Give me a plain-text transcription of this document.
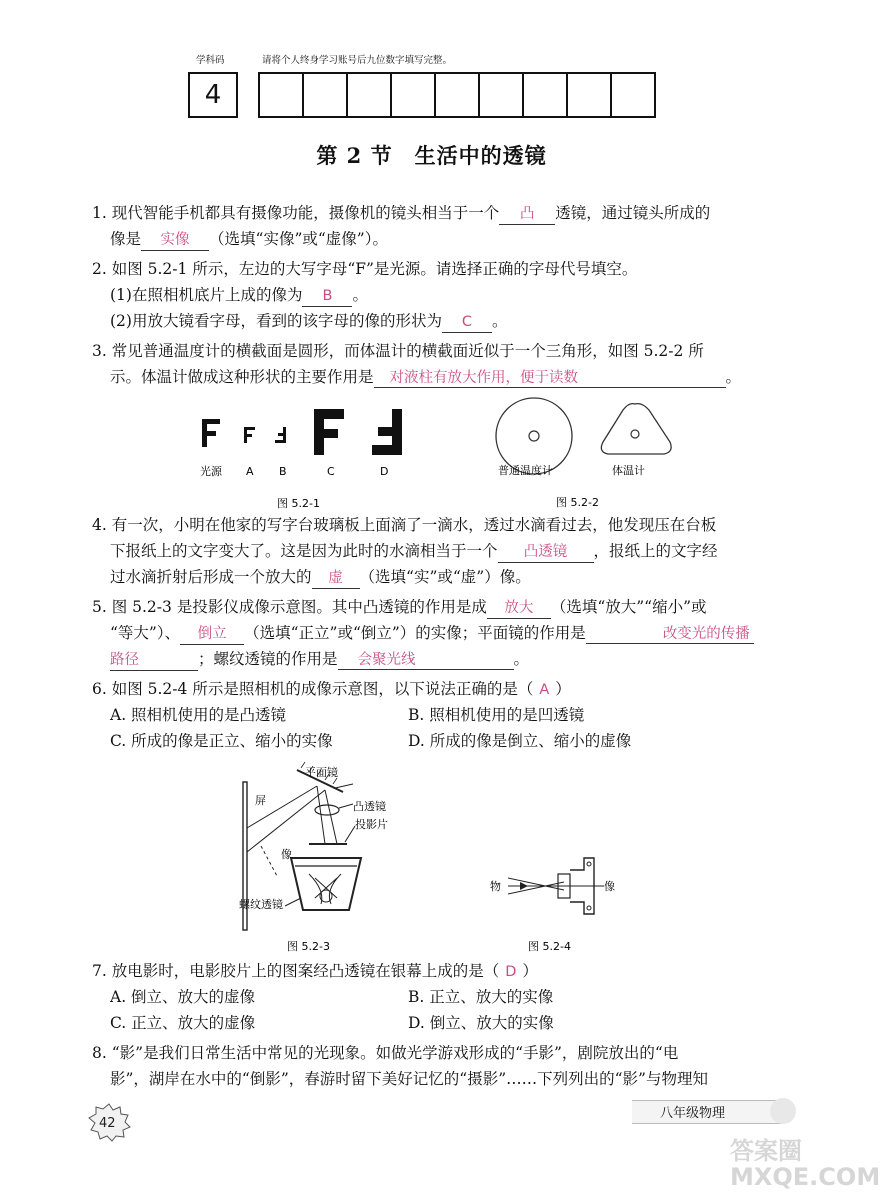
学科码	请将个人终身学习账号后九位数字填写完整。
4
第 2 节　生活中的透镜
1. 现代智能手机都具有摄像功能，摄像机的镜头相当于一个 凸 透镜，通过镜头所成的
像是 实像 （选填“实像”或“虚像”）。
2. 如图 5.2-1 所示，左边的大写字母“F”是光源。请选择正确的字母代号填空。
(1)在照相机底片上成的像为 B 。
(2)用放大镜看字母，看到的该字母的像的形状为 C 。
3. 常见普通温度计的横截面是圆形，而体温计的横截面近似于一个三角形，如图 5.2-2 所
示。体温计做成这种形状的主要作用是 对液柱有放大作用，便于读数	。
光源 A B	C	D
图 5.2-1
普通温度计	体温计
图 5.2-2
4. 有一次，小明在他家的写字台玻璃板上面滴了一滴水，透过水滴看过去，他发现压在台板
下报纸上的文字变大了。这是因为此时的水滴相当于一个 凸透镜 ，报纸上的文字经
过水滴折射后形成一个放大的 虚 （选填“实”或“虚”）像。
5. 图 5.2-3 是投影仪成像示意图。其中凸透镜的作用是成 放大 （选填“放大”“缩小”或
“等大”）、 倒立 （选填“正立”或“倒立”）的实像；平面镜的作用是	改变光的传播
路径	；螺纹透镜的作用是 会聚光线	。
6. 如图 5.2-4 所示是照相机的成像示意图，以下说法正确的是（ A ）
A. 照相机使用的是凸透镜	B. 照相机使用的是凹透镜
C. 所成的像是正立、缩小的实像	D. 所成的像是倒立、缩小的虚像
平面镜
屏	凸透镜
投影片
像
螺纹透镜
图 5.2-3
物	像
图 5.2-4
7. 放电影时，电影胶片上的图案经凸透镜在银幕上成的是（ D ）
A. 倒立、放大的虚像	B. 正立、放大的实像
C. 正立、放大的虚像	D. 倒立、放大的实像
8. “影”是我们日常生活中常见的光现象。如做光学游戏形成的“手影”，剧院放出的“电
影”，湖岸在水中的“倒影”，春游时留下美好记忆的“摄影”……下列列出的“影”与物理知
42
八年级物理
答案圈 MXQE.COM
